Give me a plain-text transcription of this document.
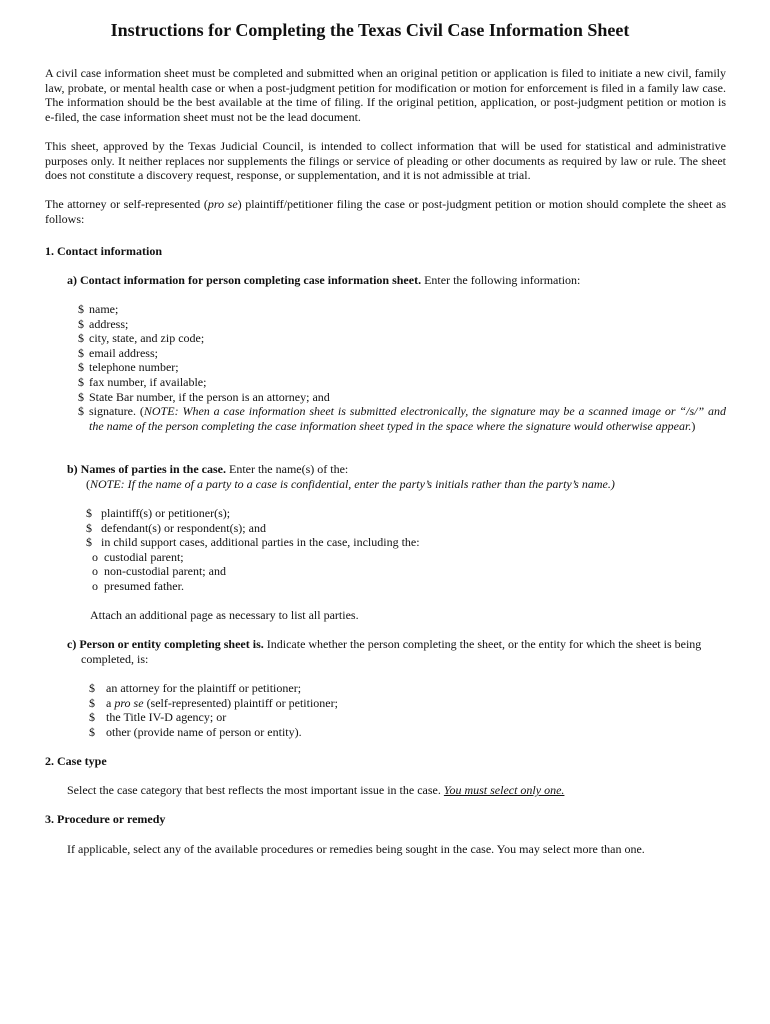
Instructions for Completing the Texas Civil Case Information Sheet

A civil case information sheet must be completed and submitted when an original petition or application is filed to initiate a new civil, family law, probate, or mental health case or when a post-judgment petition for modification or motion for enforcement is filed in a family law case. The information should be the best available at the time of filing. If the original petition, application, or post-judgment petition or motion is e-filed, the case information sheet must not be the lead document.

This sheet, approved by the Texas Judicial Council, is intended to collect information that will be used for statistical and administrative purposes only. It neither replaces nor supplements the filings or service of pleading or other documents as required by law or rule. The sheet does not constitute a discovery request, response, or supplementation, and it is not admissible at trial.

The attorney or self-represented (pro se) plaintiff/petitioner filing the case or post-judgment petition or motion should complete the sheet as follows:

1. Contact information

a) Contact information for person completing case information sheet. Enter the following information:

$ name;
$ address;
$ city, state, and zip code;
$ email address;
$ telephone number;
$ fax number, if available;
$ State Bar number, if the person is an attorney; and
$ signature. (NOTE: When a case information sheet is submitted electronically, the signature may be a scanned image or “/s/” and the name of the person completing the case information sheet typed in the space where the signature would otherwise appear.)

b) Names of parties in the case. Enter the name(s) of the:

(NOTE: If the name of a party to a case is confidential, enter the party’s initials rather than the party’s name.)

$ plaintiff(s) or petitioner(s);
$ defendant(s) or respondent(s); and
$ in child support cases, additional parties in the case, including the:
o custodial parent;
o non-custodial parent; and
o presumed father.

Attach an additional page as necessary to list all parties.

c) Person or entity completing sheet is. Indicate whether the person completing the sheet, or the entity for which the sheet is being completed, is:

$ an attorney for the plaintiff or petitioner;
$ a pro se (self-represented) plaintiff or petitioner;
$ the Title IV-D agency; or
$ other (provide name of person or entity).

2. Case type

Select the case category that best reflects the most important issue in the case. You must select only one.

3. Procedure or remedy

If applicable, select any of the available procedures or remedies being sought in the case. You may select more than one.
